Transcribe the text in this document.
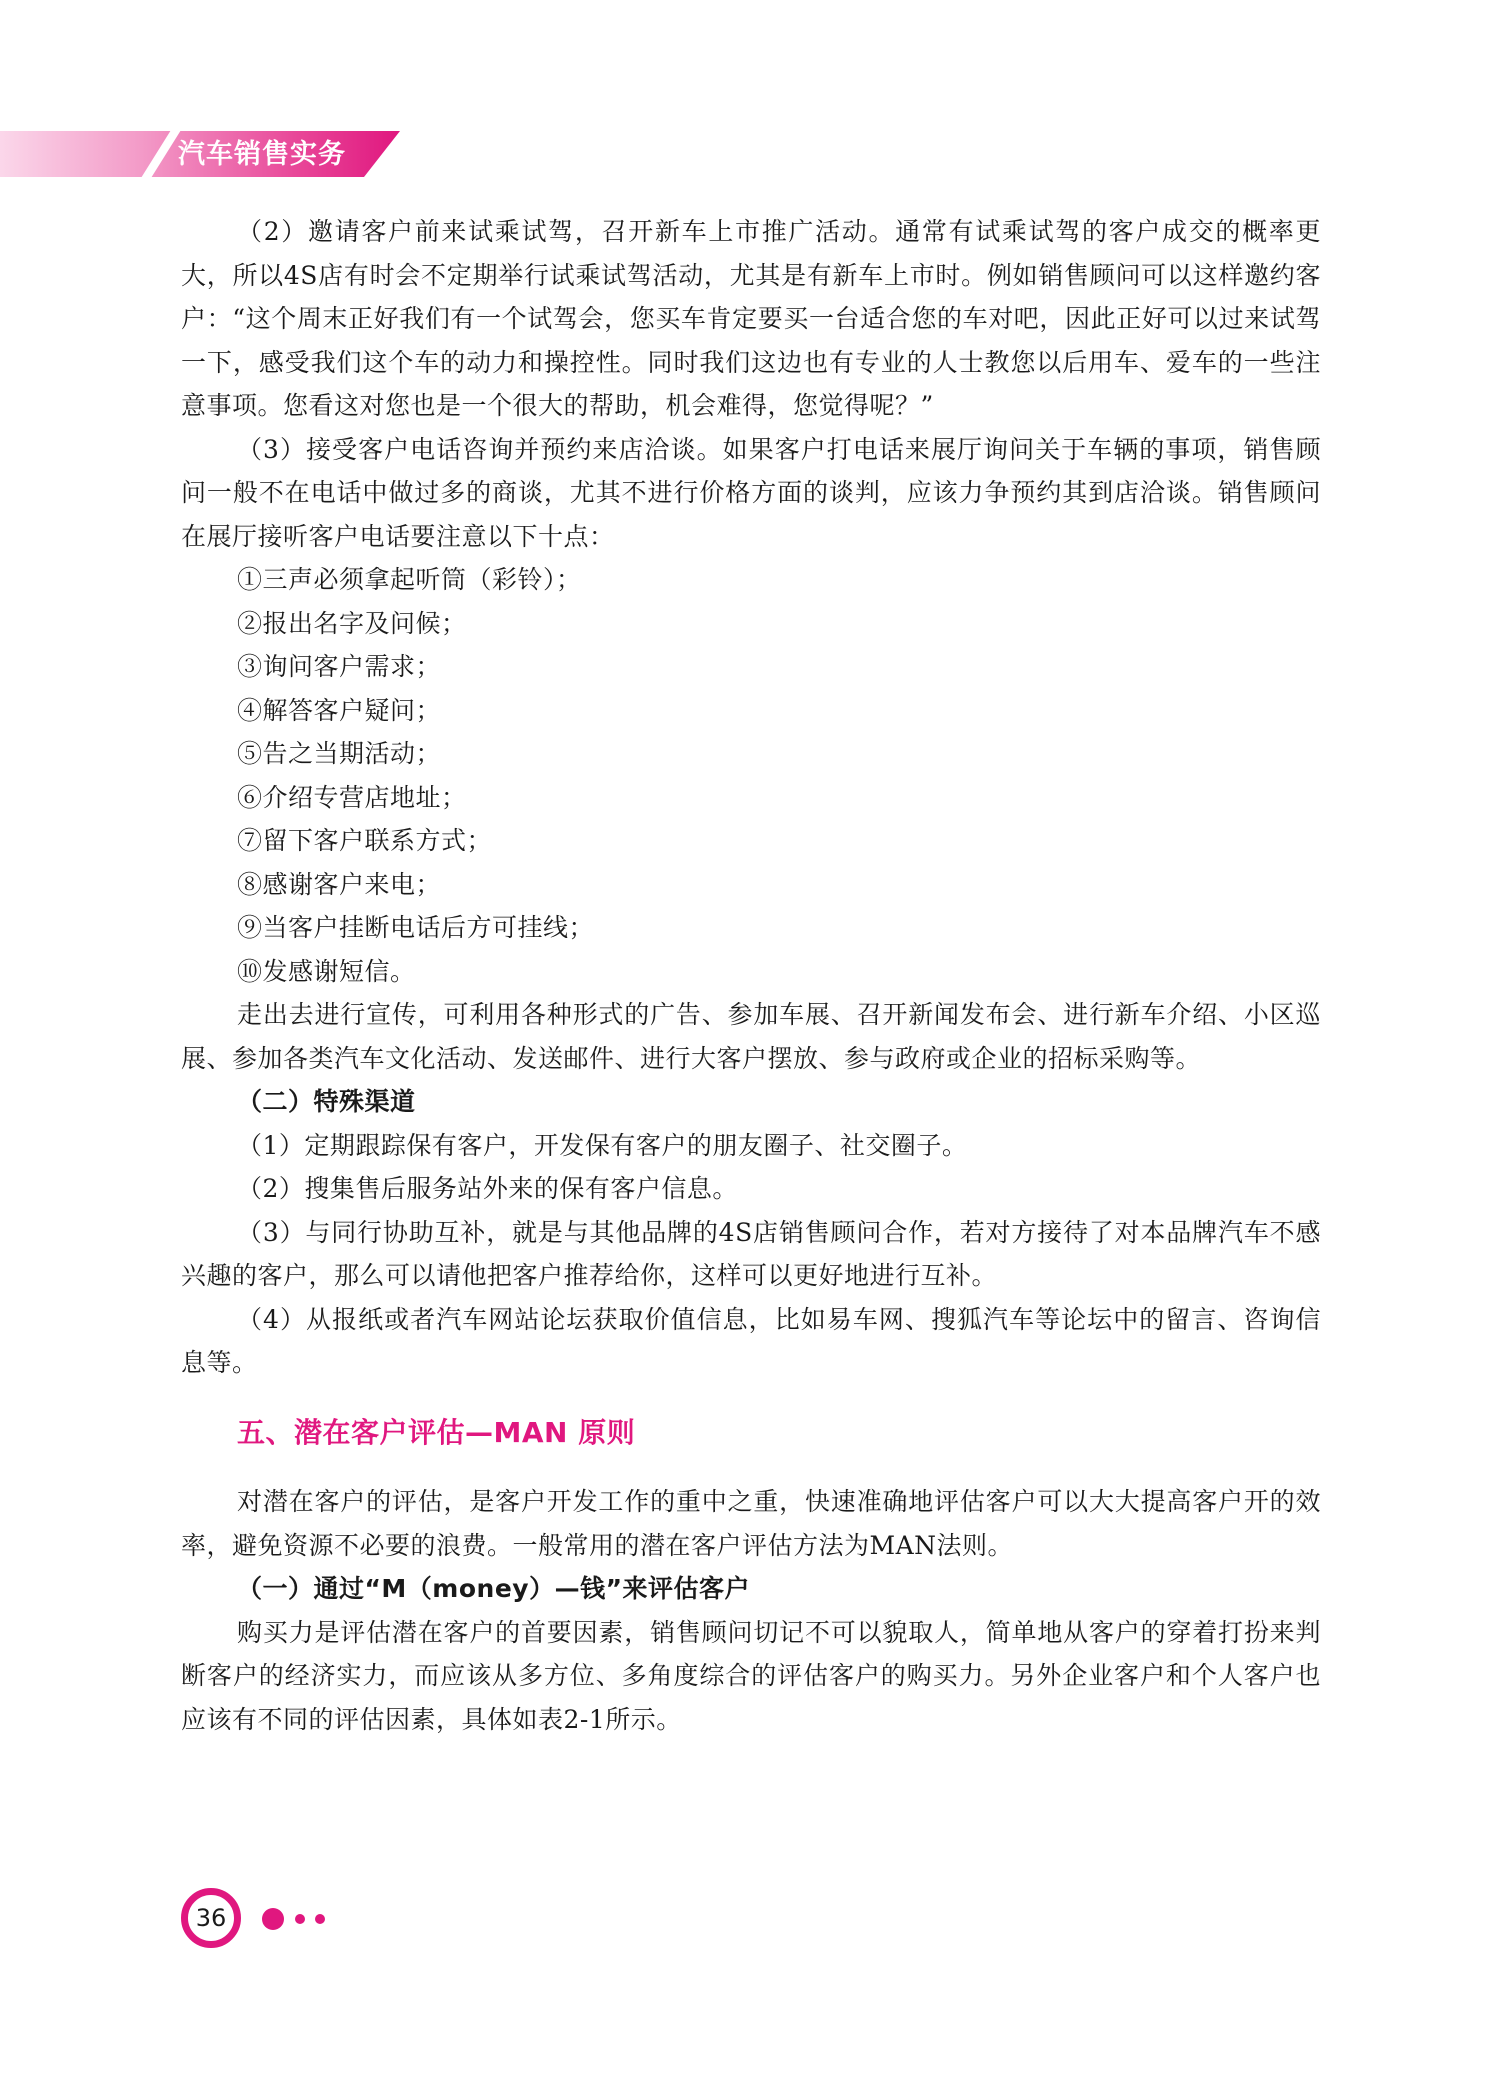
汽车销售实务

（2）邀请客户前来试乘试驾，召开新车上市推广活动。通常有试乘试驾的客户成交的概率更大，所以4S店有时会不定期举行试乘试驾活动，尤其是有新车上市时。例如销售顾问可以这样邀约客户：“这个周末正好我们有一个试驾会，您买车肯定要买一台适合您的车对吧，因此正好可以过来试驾一下，感受我们这个车的动力和操控性。同时我们这边也有专业的人士教您以后用车、爱车的一些注意事项。您看这对您也是一个很大的帮助，机会难得，您觉得呢？”

（3）接受客户电话咨询并预约来店洽谈。如果客户打电话来展厅询问关于车辆的事项，销售顾问一般不在电话中做过多的商谈，尤其不进行价格方面的谈判，应该力争预约其到店洽谈。销售顾问在展厅接听客户电话要注意以下十点：

①三声必须拿起听筒（彩铃）；

②报出名字及问候；

③询问客户需求；

④解答客户疑问；

⑤告之当期活动；

⑥介绍专营店地址；

⑦留下客户联系方式；

⑧感谢客户来电；

⑨当客户挂断电话后方可挂线；

⑩发感谢短信。

走出去进行宣传，可利用各种形式的广告、参加车展、召开新闻发布会、进行新车介绍、小区巡展、参加各类汽车文化活动、发送邮件、进行大客户摆放、参与政府或企业的招标采购等。

（二）特殊渠道

（1）定期跟踪保有客户，开发保有客户的朋友圈子、社交圈子。

（2）搜集售后服务站外来的保有客户信息。

（3）与同行协助互补，就是与其他品牌的4S店销售顾问合作，若对方接待了对本品牌汽车不感兴趣的客户，那么可以请他把客户推荐给你，这样可以更好地进行互补。

（4）从报纸或者汽车网站论坛获取价值信息，比如易车网、搜狐汽车等论坛中的留言、咨询信息等。

五、潜在客户评估—MAN 原则

对潜在客户的评估，是客户开发工作的重中之重，快速准确地评估客户可以大大提高客户开的效率，避免资源不必要的浪费。一般常用的潜在客户评估方法为MAN法则。

（一）通过“M（money）—钱”来评估客户

购买力是评估潜在客户的首要因素，销售顾问切记不可以貌取人，简单地从客户的穿着打扮来判断客户的经济实力，而应该从多方位、多角度综合的评估客户的购买力。另外企业客户和个人客户也应该有不同的评估因素，具体如表2-1所示。

36
